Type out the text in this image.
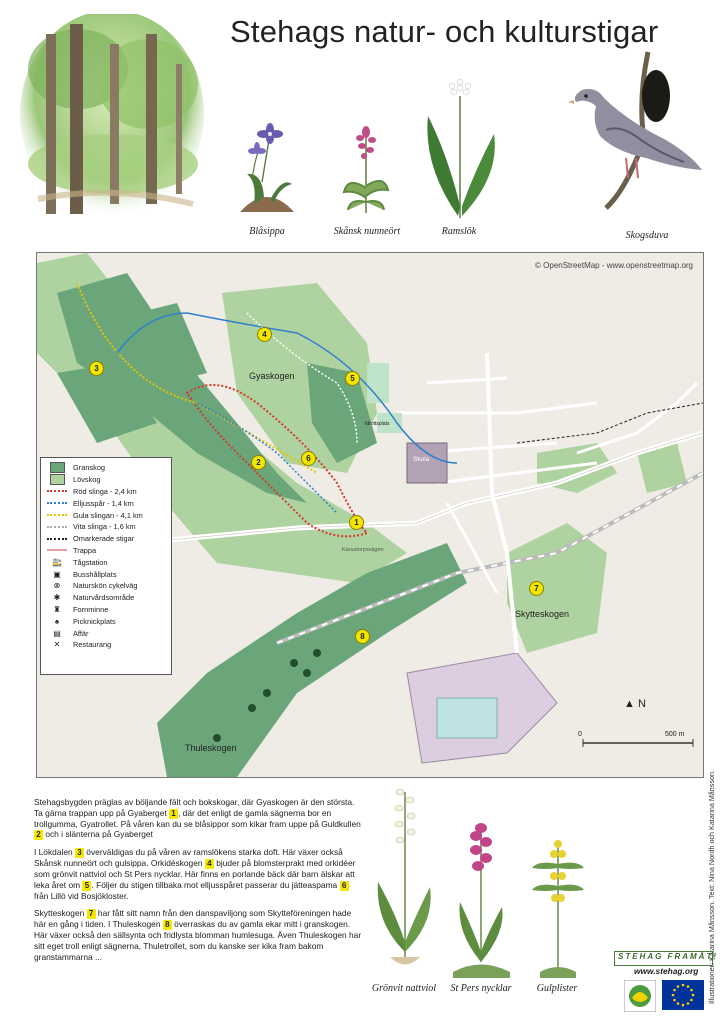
Stehags natur- och kulturstigar
Blåsippa	Skånsk nunneört	Ramslök	Skogsduva
© OpenStreetMap - www.openstreetmap.org
Gyaskogen
Skytteskogen
Thuleskogen
Skola
Idrottsplats
Kärsatorpsvägen
1
2
3
4
5
6
7
8
▲ N
0	500 m
Granskog
Lövskog
Röd slinga - 2,4 km
Elljusspår - 1,4 km
Gula slingan - 4,1 km
Vita slinga - 1,6 km
Omarkerade stigar
Trappa
🚉	Tågstation
▣	Busshållplats
⊗	Naturskön cykelväg
✱	Naturvårdsområde
♜	Fornminne
♠	Picknickplats
▤	Affär
✕	Restaurang

Stehagsbygden präglas av böljande fält och bokskogar, där Gyaskogen är den största. Ta gärna trappan upp på Gyaberget 1 , där det enligt de gamla sägnerna bor en trollgumma, Gyatrollet. På våren kan du se blåsippor som kikar fram uppe på Guldkullen 2 och i slänterna på Gyaberget

I Lökdalen 3 överväldigas du på våren av ramslökens starka doft. Här växer också Skånsk nunneört och gulsippa. Orkidéskogen 4 bjuder på blomsterprakt med orkidéer som grönvit nattviol och St Pers nycklar. Här finns en porlande bäck där barn älskar att leka året om 5 . Följer du stigen tillbaka mot elljusspåret passerar du jätteaspama 6 från Lillö vid Bosjökloster.

Skytteskogen 7 har fått sitt namn från den danspaviljong som Skytteföreningen hade här en gång i tiden. I Thuleskogen 8 överraskas du av gamla ekar mitt i granskogen. Här växer också den sällsynta och fridlysta blomman humlesuga. Även Thuleskogen har sitt eget troll enligt sägnerna, Thuletrollet, som du kanske ser kika fram bakom granstammarna ...

Grönvit nattviol	St Pers nycklar	Gulplister	Illustrationer: Katarina Månsson. Text: Nina Nordh och Katarina Månsson.
STEHAG FRAMÅT!
www.stehag.org
